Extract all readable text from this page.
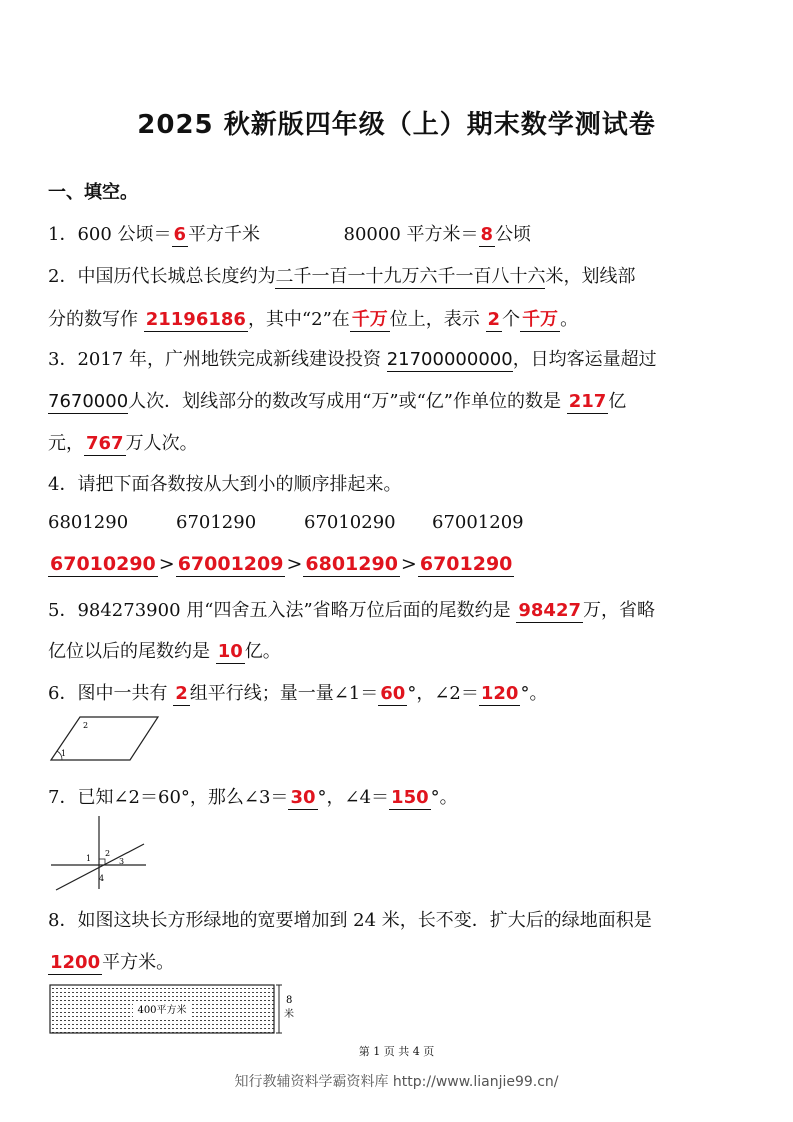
2025 秋新版四年级（上）期末数学测试卷
一、填空。
1．600 公顷＝ 6 平方千米	80000 平方米＝ 8 公顷
2．中国历代长城总长度约为二千一百一十九万六千一百八十六米，划线部
分的数写作 21196186 ，其中“2”在 千万 位上，表示 2 个 千万 。
3．2017 年，广州地铁完成新线建设投资 21700000000，日均客运量超过
7670000人次．划线部分的数改写成用“万”或“亿”作单位的数是 217 亿
元， 767 万人次。
4．请把下面各数按从大到小的顺序排起来。
6801290	6701290	67010290 67001209
67010290 > 67001209 > 6801290 > 6701290
5．984273900 用“四舍五入法”省略万位后面的尾数约是 98427 万，省略
亿位以后的尾数约是 10 亿。
6．图中一共有 2 组平行线；量一量∠1＝ 60 °，∠2＝ 120 °。
1
2
7．已知∠2＝60°，那么∠3＝ 30 °，∠4＝ 150 °。
1
2
3
4
8．如图这块长方形绿地的宽要增加到 24 米，长不变．扩大后的绿地面积是
1200 平方米。
400平方米
8
米
第 1 页 共 4 页
知行教辅资料学霸资料库 http://www.lianjie99.cn/
